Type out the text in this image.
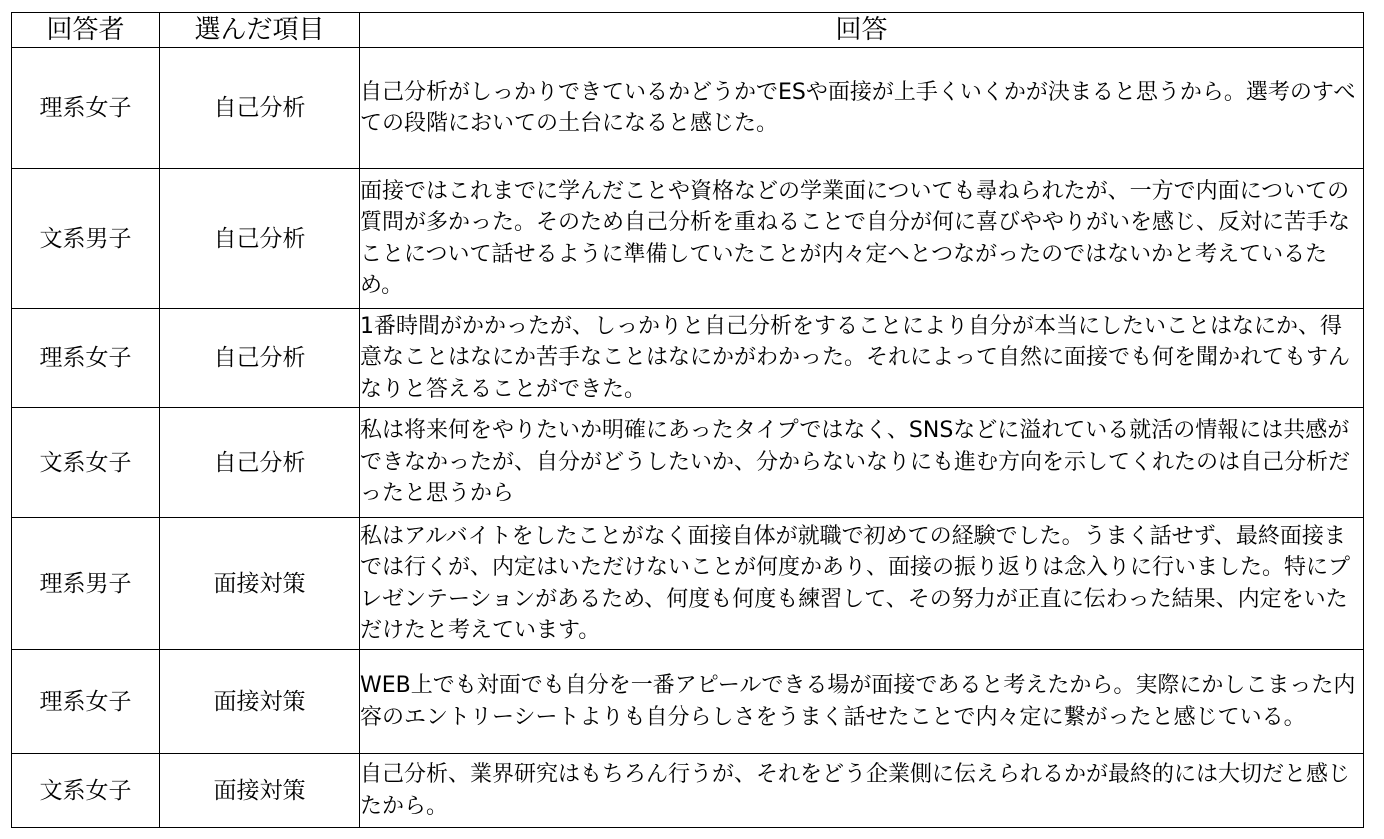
回答者	選んだ項目	回答
理系女子	自己分析	自己分析がしっかりできているかどうかでESや面接が上手くいくかが決まると思うから。選考のすべての段階においての土台になると感じた。

文系男子	自己分析	面接ではこれまでに学んだことや資格などの学業面についても尋ねられたが、一方で内面についての質問が多かった。そのため自己分析を重ねることで自分が何に喜びややりがいを感じ、反対に苦手なことについて話せるように準備していたことが内々定へとつながったのではないかと考えているため。

理系女子	自己分析	1番時間がかかったが、しっかりと自己分析をすることにより自分が本当にしたいことはなにか、得意なことはなにか苦手なことはなにかがわかった。それによって自然に面接でも何を聞かれてもすんなりと答えることができた。

文系女子	自己分析	私は将来何をやりたいか明確にあったタイプではなく、SNSなどに溢れている就活の情報には共感ができなかったが、自分がどうしたいか、分からないなりにも進む方向を示してくれたのは自己分析だったと思うから

理系男子	面接対策	私はアルバイトをしたことがなく面接自体が就職で初めての経験でした。うまく話せず、最終面接までは行くが、内定はいただけないことが何度かあり、面接の振り返りは念入りに行いました。特にプレゼンテーションがあるため、何度も何度も練習して、その努力が正直に伝わった結果、内定をいただけたと考えています。

理系女子	面接対策	WEB上でも対面でも自分を一番アピールできる場が面接であると考えたから。実際にかしこまった内容のエントリーシートよりも自分らしさをうまく話せたことで内々定に繋がったと感じている。

文系女子	面接対策	自己分析、業界研究はもちろん行うが、それをどう企業側に伝えられるかが最終的には大切だと感じたから。
